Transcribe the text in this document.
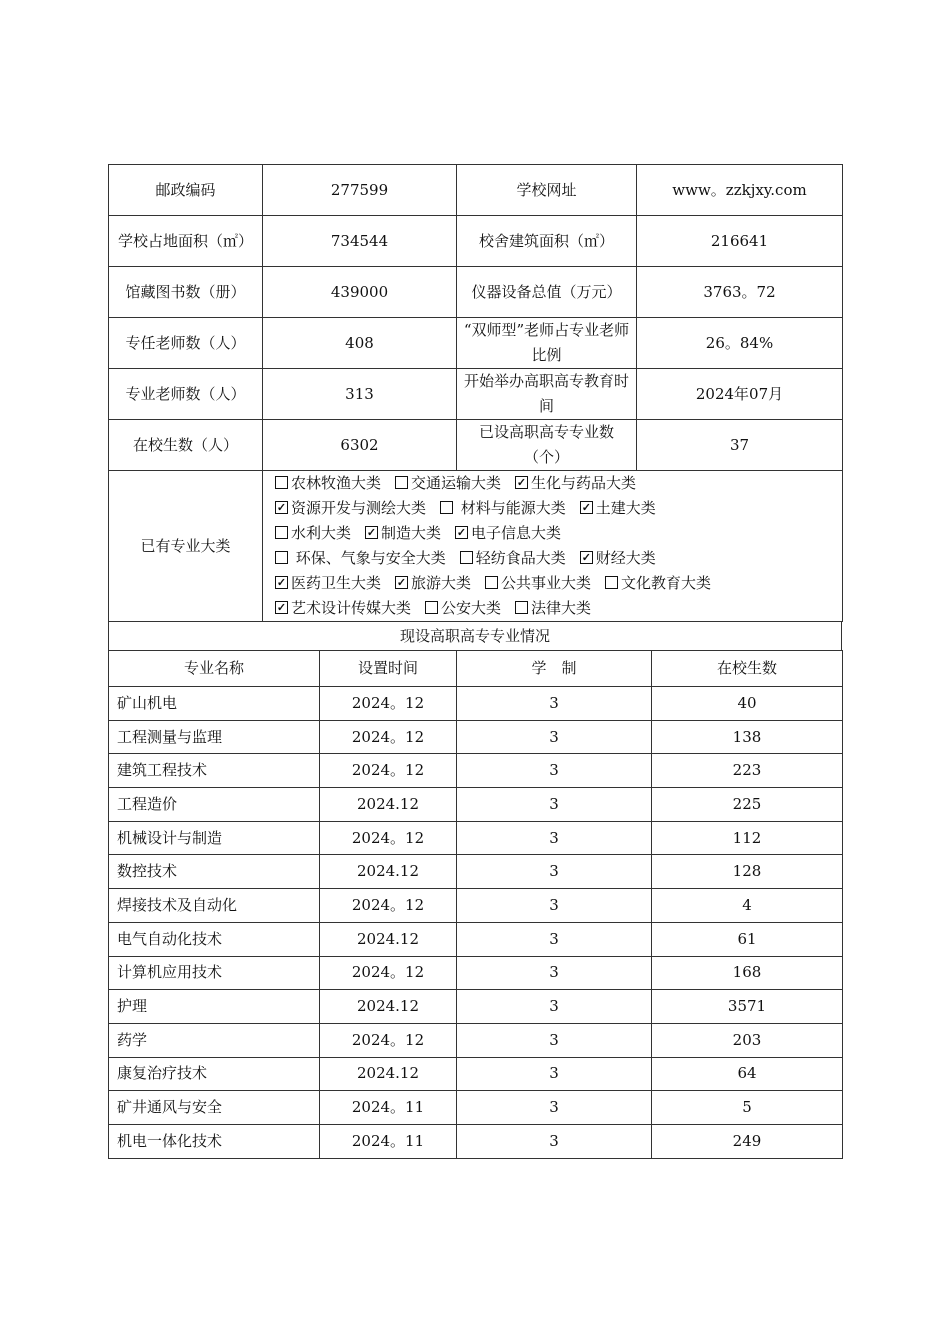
邮政编码	277599	学校网址	www。zzkjxy.com
学校占地面积（㎡）	734544	校舍建筑面积（㎡）	216641
馆藏图书数（册）	439000	仪器设备总值（万元）	3763。72
专任老师数（人）	408	“双师型”老师占专业老师比例	26。84%
专业老师数（人）	313	开始举办高职高专教育时间	2024年07月
在校生数（人）	6302	已设高职高专专业数（个）	37
已有专业大类	
农林牧渔大类 交通运输大类 ✓ 生化与药品大类
✓资源开发与测绘大类 材料与能源大类 ✓ 土建大类
水利大类 ✓ 制造大类 ✓ 电子信息大类
环保、气象与安全大类 轻纺食品大类 ✓ 财经大类
✓医药卫生大类 ✓ 旅游大类 公共事业大类 文化教育大类
✓艺术设计传媒大类 公安大类 法律大类
现设高职高专专业情况
专业名称	设置时间	学　制	在校生数
矿山机电	2024。12	3	40
工程测量与监理	2024。12	3	138
建筑工程技术	2024。12	3	223
工程造价	2024.12	3	225
机械设计与制造	2024。12	3	112
数控技术	2024.12	3	128
焊接技术及自动化	2024。12	3	4
电气自动化技术	2024.12	3	61
计算机应用技术	2024。12	3	168
护理	2024.12	3	3571
药学	2024。12	3	203
康复治疗技术	2024.12	3	64
矿井通风与安全	2024。11	3	5
机电一体化技术	2024。11	3	249
